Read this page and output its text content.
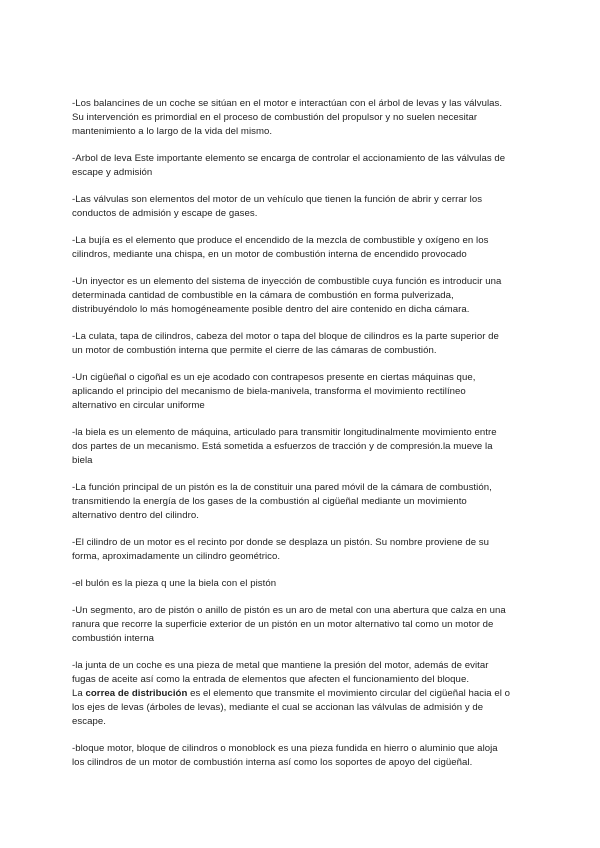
-Los balancines de un coche se sitúan en el motor e interactúan con el árbol de levas y las válvulas.
Su intervención es primordial en el proceso de combustión del propulsor y no suelen necesitar
mantenimiento a lo largo de la vida del mismo.

-Arbol de leva Este importante elemento se encarga de controlar el accionamiento de las válvulas de
escape y admisión

-Las válvulas son elementos del motor de un vehículo que tienen la función de abrir y cerrar los
conductos de admisión y escape de gases.

-La bujía es el elemento que produce el encendido de la mezcla de combustible y oxígeno en los
cilindros, mediante una chispa, en un motor de combustión interna de encendido provocado

-Un inyector es un elemento del sistema de inyección de combustible cuya función es introducir una
determinada cantidad de combustible en la cámara de combustión en forma pulverizada,
distribuyéndolo lo más homogéneamente posible dentro del aire contenido en dicha cámara.

-La culata, tapa de cilindros, cabeza del motor o tapa del bloque de cilindros es la parte superior de
un motor de combustión interna que permite el cierre de las cámaras de combustión.

-Un cigüeñal o cigoñal es un eje acodado con contrapesos presente en ciertas máquinas que,
aplicando el principio del mecanismo de biela-manivela, transforma el movimiento rectilíneo
alternativo en circular uniforme

-la biela es un elemento de máquina, articulado para transmitir longitudinalmente movimiento entre
dos partes de un mecanismo. Está sometida a esfuerzos de tracción y de compresión.la mueve la
biela

-La función principal de un pistón es la de constituir una pared móvil de la cámara de combustión,
transmitiendo la energía de los gases de la combustión al cigüeñal mediante un movimiento
alternativo dentro del cilindro.

-El cilindro de un motor es el recinto por donde se desplaza un pistón. Su nombre proviene de su
forma, aproximadamente un cilindro geométrico.

-el bulón es la pieza q une la biela con el pistón

-Un segmento, aro de pistón o anillo de pistón es un aro de metal con una abertura que calza en una
ranura que recorre la superficie exterior de un pistón en un motor alternativo tal como un motor de
combustión interna

-la junta de un coche es una pieza de metal que mantiene la presión del motor, además de evitar
fugas de aceite así como la entrada de elementos que afecten el funcionamiento del bloque.
La correa de distribución es el elemento que transmite el movimiento circular del cigüeñal hacia el o
los ejes de levas (árboles de levas), mediante el cual se accionan las válvulas de admisión y de
escape.

-bloque motor, bloque de cilindros o monoblock es una pieza fundida en hierro o aluminio que aloja
los cilindros de un motor de combustión interna así como los soportes de apoyo del cigüeñal.
